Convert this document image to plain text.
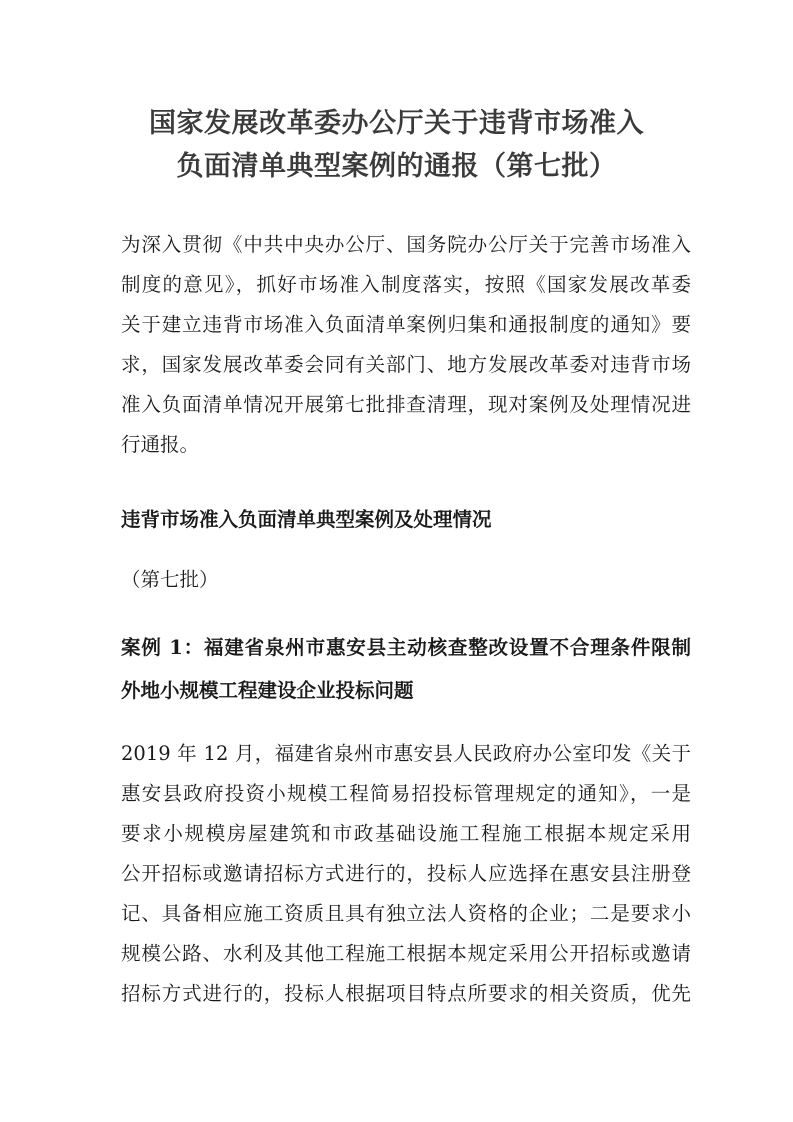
国家发展改革委办公厅关于违背市场准入
负面清单典型案例的通报（第七批）
为深入贯彻《中共中央办公厅、国务院办公厅关于完善市场准入
制度的意见》，抓好市场准入制度落实，按照《国家发展改革委
关于建立违背市场准入负面清单案例归集和通报制度的通知》要
求，国家发展改革委会同有关部门、地方发展改革委对违背市场
准入负面清单情况开展第七批排查清理，现对案例及处理情况进
行通报。
违背市场准入负面清单典型案例及处理情况

（第七批）

案例 1：福建省泉州市惠安县主动核查整改设置不合理条件限制
外地小规模工程建设企业投标问题
2019 年 12 月，福建省泉州市惠安县人民政府办公室印发《关于
惠安县政府投资小规模工程简易招投标管理规定的通知》，一是
要求小规模房屋建筑和市政基础设施工程施工根据本规定采用
公开招标或邀请招标方式进行的，投标人应选择在惠安县注册登
记、具备相应施工资质且具有独立法人资格的企业；二是要求小
规模公路、水利及其他工程施工根据本规定采用公开招标或邀请
招标方式进行的，投标人根据项目特点所要求的相关资质，优先
